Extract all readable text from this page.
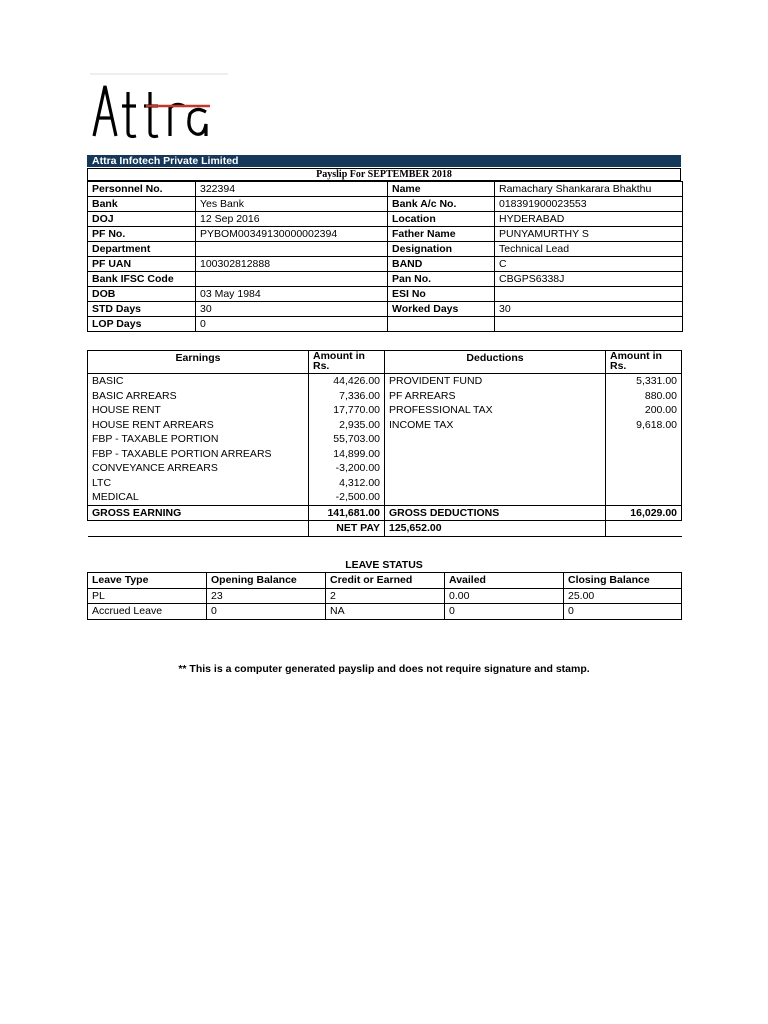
Attra Infotech Private Limited
Payslip For SEPTEMBER 2018
Personnel No.	322394	Name	Ramachary Shankarara Bhakthu
Bank	Yes Bank	Bank A/c No.	018391900023553
DOJ	12 Sep 2016	Location	HYDERABAD
PF No.	PYBOM00349130000002394	Father Name	PUNYAMURTHY S
Department		Designation	Technical Lead
PF UAN	100302812888	BAND	C
Bank IFSC Code		Pan No.	CBGPS6338J
DOB	03 May 1984	ESI No	
STD Days	30	Worked Days	30
LOP Days	0		
Earnings	Amount in Rs.	Deductions	Amount in Rs.
BASIC	44,426.00	PROVIDENT FUND	5,331.00
BASIC ARREARS	7,336.00	PF ARREARS	880.00
HOUSE RENT	17,770.00	PROFESSIONAL TAX	200.00
HOUSE RENT ARREARS	2,935.00	INCOME TAX	9,618.00
FBP - TAXABLE PORTION	55,703.00		
FBP - TAXABLE PORTION ARREARS	14,899.00		
CONVEYANCE ARREARS	-3,200.00		
LTC	4,312.00		
MEDICAL	-2,500.00		
GROSS EARNING	141,681.00	GROSS DEDUCTIONS	16,029.00
	NET PAY	125,652.00	
LEAVE STATUS
Leave Type	Opening Balance	Credit or Earned	Availed	Closing Balance
PL	23	2	0.00	25.00
Accrued Leave	0	NA	0	0
** This is a computer generated payslip and does not require signature and stamp.
